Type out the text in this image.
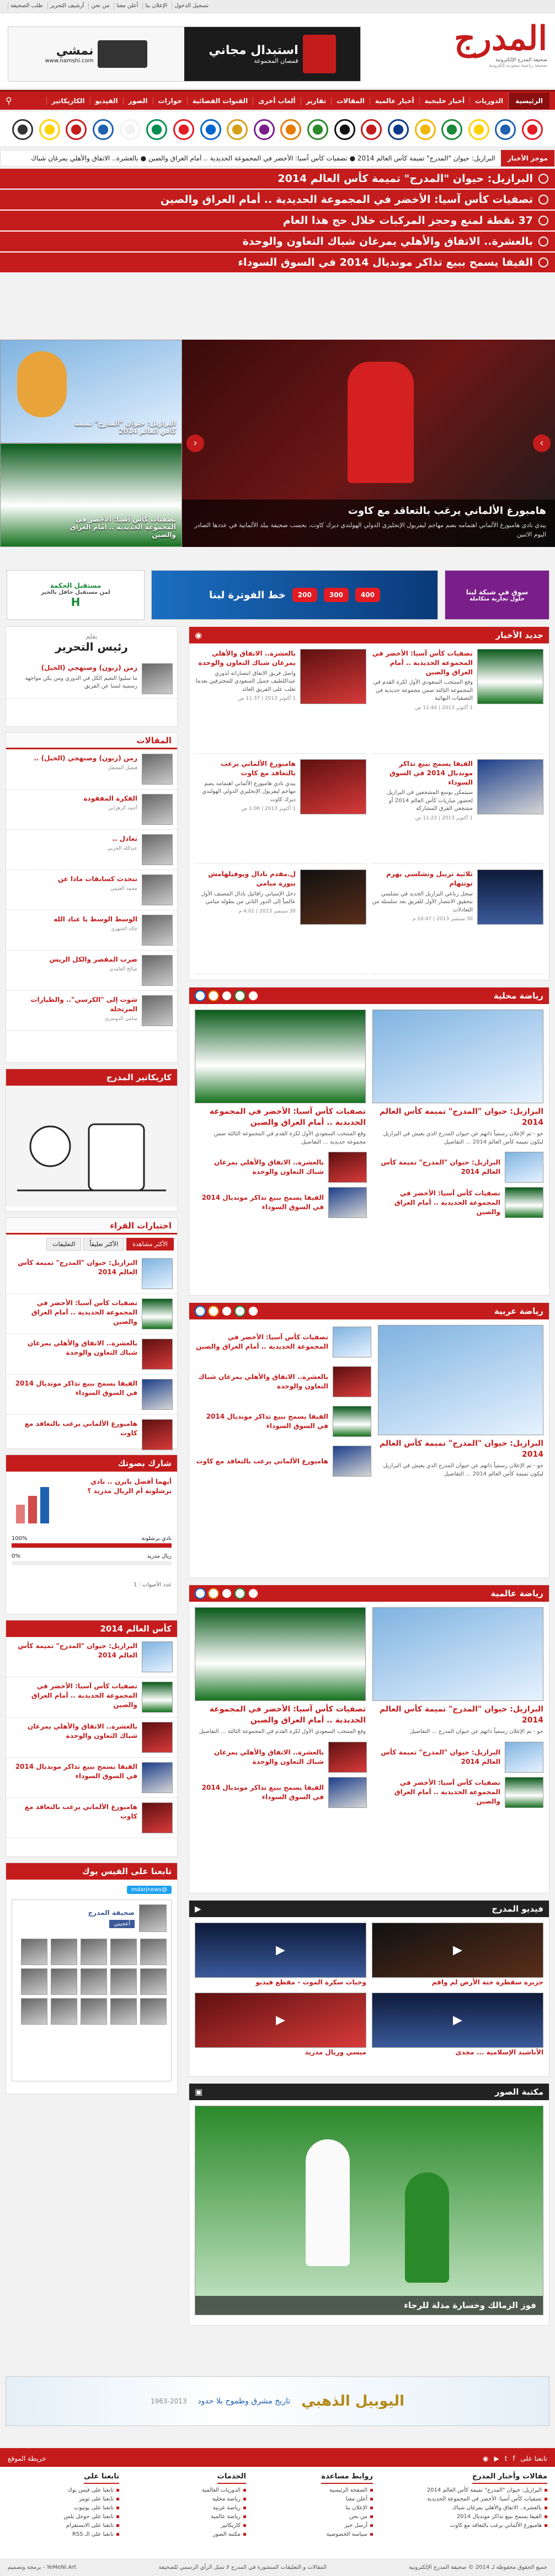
تسجيل الدخول
الإعلان بنا
أعلن معنا
من نحن
أرشيف التحرير
طلب الصحيفة
المدرج
صحيفة المدرج الإلكترونية
صحيفة رياضية سعودية إلكترونية
استبدال مجاني
قمصان المجموعة
نمشي
www.namshi.com
الرئيسية
الدوريات
أخبار خليجية
أخبار عالمية
المقالات
تقارير
ألعاب أخرى
القنوات الفضائية
حوارات
الصور
الفيديو
الكاريكاتير
⚲
موجز الأخبار
البرازيل: حيوان "المدرج" تميمة كأس العالم 2014 ● تصفيات كأس آسيا: الأخضر في المجموعة الحديدية .. أمام العراق والصين ● بالعشرة.. الاتفاق والأهلي يمرغان شباك
البرازيل: حيوان "المدرج" تميمة كأس العالم 2014
تصفيات كأس آسيا: الأخضر في المجموعة الحديدية .. أمام العراق والصين
37 نقطة لمنع وحجز المركبات خلال حج هذا العام
بالعشرة.. الاتفاق والأهلي يمرغان شباك التعاون والوحدة
الفيفا يسمح ببيع تذاكر مونديال 2014 في السوق السوداء
هامبورغ الألماني يرغب بالتعاقد مع كاوت
يبدي نادي هامبورغ الألماني اهتمامه بضم مهاجم ليفربول الإنجليزي الدولي الهولندي ديرك كاوت، بحسب صحيفة بيلد الألمانية في عددها الصادر اليوم الاثنين
البرازيل: حيوان "المدرج" تميمة كأس العالم 2014
تصفيات كأس آسيا: الأخضر في المجموعة الحديدية .. أمام العراق والصين
›
‹
سوق في شبكة لبنا
حلول تجارية متكاملة
400
300
200
خط الفوترة لبنا
مستقبل الحكمة
لمن مستقبل حافل بالخير
H
جديد الأخبار
◉
تصفيات كأس آسيا: الأخضر في المجموعة الحديدية .. أمام العراق والصين
وقع المنتخب السعودي الأول لكرة القدم في المجموعة الثالثة ضمن مجموعة حديدية في التصفيات النهائية
1 أكتوبر 2013 | 11:44 ص
بالعشرة.. الاتفاق والأهلي يمرغان شباك التعاون والوحدة
واصل فريق الاتفاق انتصاراته لدوري عبداللطيف جميل السعودي للمحترفين بعدما تغلب على الفريق العائد
1 أكتوبر 2013 | 11:37 ص
الفيفا يسمح ببيع تذاكر مونديال 2014 في السوق السوداء
سيتمكن بوسع المشجعين في البرازيل لحضور مباريات كأس العالم 2014 أو مشجعي الفرق المشاركة
1 أكتوبر 2013 | 11:22 ص
هامبورغ الألماني يرغب بالتعاقد مع كاوت
يبدي نادي هامبورغ الألماني اهتمامه بضم مهاجم ليفربول الإنجليزي الدولي الهولندي ديرك كاوت
1 أكتوبر 2013 | 1:06 ص
ثلاثية تريبل وتشلسي يهزم توتنهام
سجل رباعي البرازيل الجديد في تشلسي بتحقيق الانتصار الأول للفريق بعد سلسلة من التعادلات
30 سبتمبر 2013 | 10:47 م
ل.مقدم نادال ويوفيلهامش بيورة ميامي
دخل الإسباني رافائيل نادال المصنف الأول عالمياً إلى الدور الثاني من بطولة ميامي
30 سبتمبر 2013 | 4:01 م
بقلم
رئيس التحرير
زمن (زبون) وصنهجي (الخيل)
ما سلبوا النعيم الكل في الدوري ومن يكن مواجهة رسمية لسنا عن الفريق
المقالات
زمن (زبون) وصنهجي (الخيل) ..
فيصل المعيقل
الفكرة المفقودة
أحمد الزهراني
تعادل ..
عبدالله الحربي
نتحدث كسابقات ماذا عن
محمد العتيبي
الوسط الوسط يا عباد الله
خالد الشهري
ضرب المقصر والكل الريس
صالح الغامدي
شوت إلى "الكرسي".. والطيارات المرتجلة
سامي الدوسري
كاريكاتير المدرج
اختيارات القراء
الأكثر مشاهدة
الأكثر تعليقاً
التعليقات
البرازيل: حيوان "المدرج" تميمة كأس العالم 2014
تصفيات كأس آسيا: الأخضر في المجموعة الحديدية .. أمام العراق والصين
بالعشرة.. الاتفاق والأهلي يمرغان شباك التعاون والوحدة
الفيفا يسمح ببيع تذاكر مونديال 2014 في السوق السوداء
هامبورغ الألماني يرغب بالتعاقد مع كاوت
شارك بصوتك
أيهما أفضل بايرن .. نادي برشلونة أم الريال مدريد ؟
نادي برشلونة
100%
ريال مدريد
0%
عدد الأصوات : 1
كأس العالم 2014
البرازيل: حيوان "المدرج" تميمة كأس العالم 2014
تصفيات كأس آسيا: الأخضر في المجموعة الحديدية .. أمام العراق والصين
بالعشرة.. الاتفاق والأهلي يمرغان شباك التعاون والوحدة
الفيفا يسمح ببيع تذاكر مونديال 2014 في السوق السوداء
هامبورغ الألماني يرغب بالتعاقد مع كاوت
تابعنا على الفيس بوك
@mdarjnews
صحيفة المدرج
أعجبني
رياضة محلية
البرازيل: حيوان "المدرج" تميمة كأس العالم 2014
جو - تم الإعلان رسمياً ذاتهم عن حيوان المدرج الذي يعيش في البرازيل ليكون تميمة كأس العالم 2014 ... التفاصيل
تصفيات كأس آسيا: الأخضر في المجموعة الحديدية .. أمام العراق والصين
وقع المنتخب السعودي الأول لكرة القدم في المجموعة الثالثة ضمن مجموعة حديدية ... التفاصيل
البرازيل: حيوان "المدرج" تميمة كأس العالم 2014
بالعشرة.. الاتفاق والأهلي يمرغان شباك التعاون والوحدة
تصفيات كأس آسيا: الأخضر في المجموعة الحديدية .. أمام العراق والصين
الفيفا يسمح ببيع تذاكر مونديال 2014 في السوق السوداء
رياضة عربية
البرازيل: حيوان "المدرج" تميمة كأس العالم 2014
جو - تم الإعلان رسمياً ذاتهم عن حيوان المدرج الذي يعيش في البرازيل ليكون تميمة كأس العالم 2014 ... التفاصيل
تصفيات كأس آسيا: الأخضر في المجموعة الحديدية .. أمام العراق والصين
بالعشرة.. الاتفاق والأهلي يمرغان شباك التعاون والوحدة
الفيفا يسمح ببيع تذاكر مونديال 2014 في السوق السوداء
هامبورغ الألماني يرغب بالتعاقد مع كاوت
رياضة عالمية
البرازيل: حيوان "المدرج" تميمة كأس العالم 2014
جو - تم الإعلان رسمياً ذاتهم عن حيوان المدرج ... التفاصيل
تصفيات كأس آسيا: الأخضر في المجموعة الحديدية .. أمام العراق والصين
وقع المنتخب السعودي الأول لكرة القدم في المجموعة الثالثة ... التفاصيل
البرازيل: حيوان "المدرج" تميمة كأس العالم 2014
بالعشرة.. الاتفاق والأهلي يمرغان شباك التعاون والوحدة
تصفيات كأس آسيا: الأخضر في المجموعة الحديدية .. أمام العراق والصين
الفيفا يسمح ببيع تذاكر مونديال 2014 في السوق السوداء
فيديو المدرج
▶
▶
جزيرة سقطرة جنة الأرض لم واقم
▶
وجبات سكرة الموت - مقطع فيديو
▶
الأناشيد الإسلامية ... مجدى
▶
ميسي وريال مدريد
مكتبة الصور
▣
فوز الزمالك وخسارة مذلة للرجاء
اليوبيل الذهبي
تاريخ مشرق وطموح بلا حدود
1963-2013
تابعنا على
f
t
▶
◉
خريطة الموقع
مقالات وأخبار المدرج
البرازيل: حيوان "المدرج" تميمة كأس العالم 2014
تصفيات كأس آسيا: الأخضر في المجموعة الحديدية
بالعشرة.. الاتفاق والأهلي يمرغان شباك
الفيفا يسمح ببيع تذاكر مونديال 2014
هامبورغ الألماني يرغب بالتعاقد مع كاوت
روابط مساعدة
الصفحة الرئيسية
أعلن معنا
الإعلان بنا
من نحن
أرسل خبر
سياسة الخصوصية
الخدمات
الدوريات العالمية
رياضة محلية
رياضة عربية
رياضة عالمية
كاريكاتير
مكتبة الصور
تابعنا على
تابعنا على فيس بوك
تابعنا على تويتر
تابعنا على يوتيوب
تابعنا على جوجل بلس
تابعنا على الانستقرام
تابعنا على الـ RSS
جميع الحقوق محفوظة لـ 2014 © صحيفة المدرج الإلكترونية
المقالات و التعليقات المنشورة في المدرج لا تمثل الرأي الرسمي للصحيفة
YeMeNi.Art - برمجة وتصميم
